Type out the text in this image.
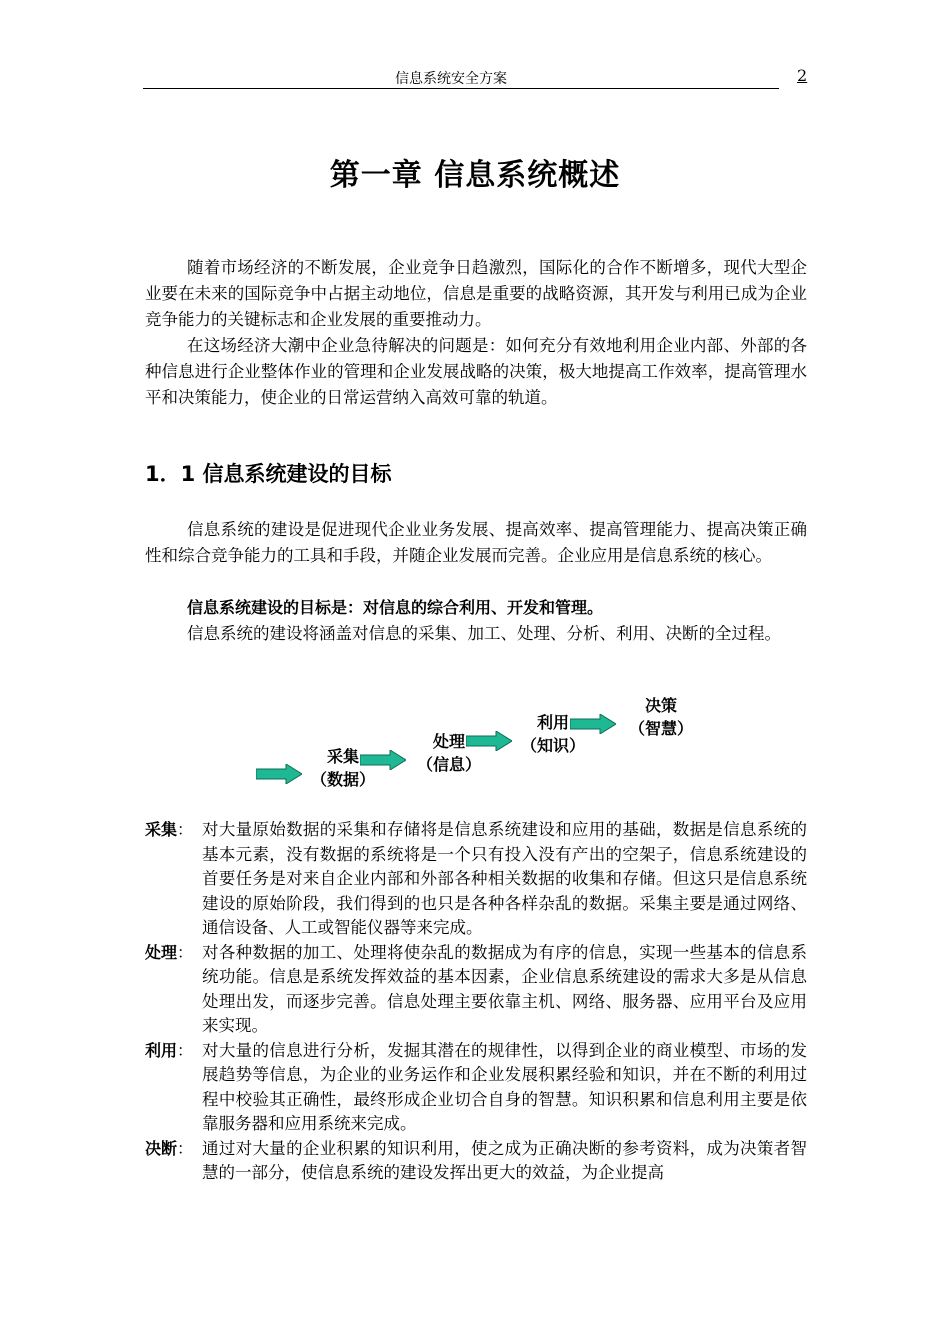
信息系统安全方案	2
第一章 信息系统概述

随着市场经济的不断发展，企业竞争日趋激烈，国际化的合作不断增多，现代大型企业要在未来的国际竞争中占据主动地位，信息是重要的战略资源，其开发与利用已成为企业竞争能力的关键标志和企业发展的重要推动力。

在这场经济大潮中企业急待解决的问题是：如何充分有效地利用企业内部、外部的各种信息进行企业整体作业的管理和企业发展战略的决策，极大地提高工作效率，提高管理水平和决策能力，使企业的日常运营纳入高效可靠的轨道。

1．1 信息系统建设的目标

信息系统的建设是促进现代企业业务发展、提高效率、提高管理能力、提高决策正确性和综合竞争能力的工具和手段，并随企业发展而完善。企业应用是信息系统的核心。

信息系统建设的目标是：对信息的综合利用、开发和管理。

信息系统的建设将涵盖对信息的采集、加工、处理、分析、利用、决断的全过程。

采集
（数据）
处理
（信息）
利用
（知识）
决策
（智慧）
采集： 对大量原始数据的采集和存储将是信息系统建设和应用的基础，数据是信息系统的基本元素，没有数据的系统将是一个只有投入没有产出的空架子，信息系统建设的首要任务是对来自企业内部和外部各种相关数据的收集和存储。但这只是信息系统建设的原始阶段，我们得到的也只是各种各样杂乱的数据。采集主要是通过网络、通信设备、人工或智能仪器等来完成。
处理： 对各种数据的加工、处理将使杂乱的数据成为有序的信息，实现一些基本的信息系统功能。信息是系统发挥效益的基本因素，企业信息系统建设的需求大多是从信息处理出发，而逐步完善。信息处理主要依靠主机、网络、服务器、应用平台及应用来实现。
利用： 对大量的信息进行分析，发掘其潜在的规律性，以得到企业的商业模型、市场的发展趋势等信息，为企业的业务运作和企业发展积累经验和知识，并在不断的利用过程中校验其正确性，最终形成企业切合自身的智慧。知识积累和信息利用主要是依靠服务器和应用系统来完成。
决断： 通过对大量的企业积累的知识利用，使之成为正确决断的参考资料，成为决策者智慧的一部分，使信息系统的建设发挥出更大的效益，为企业提高
